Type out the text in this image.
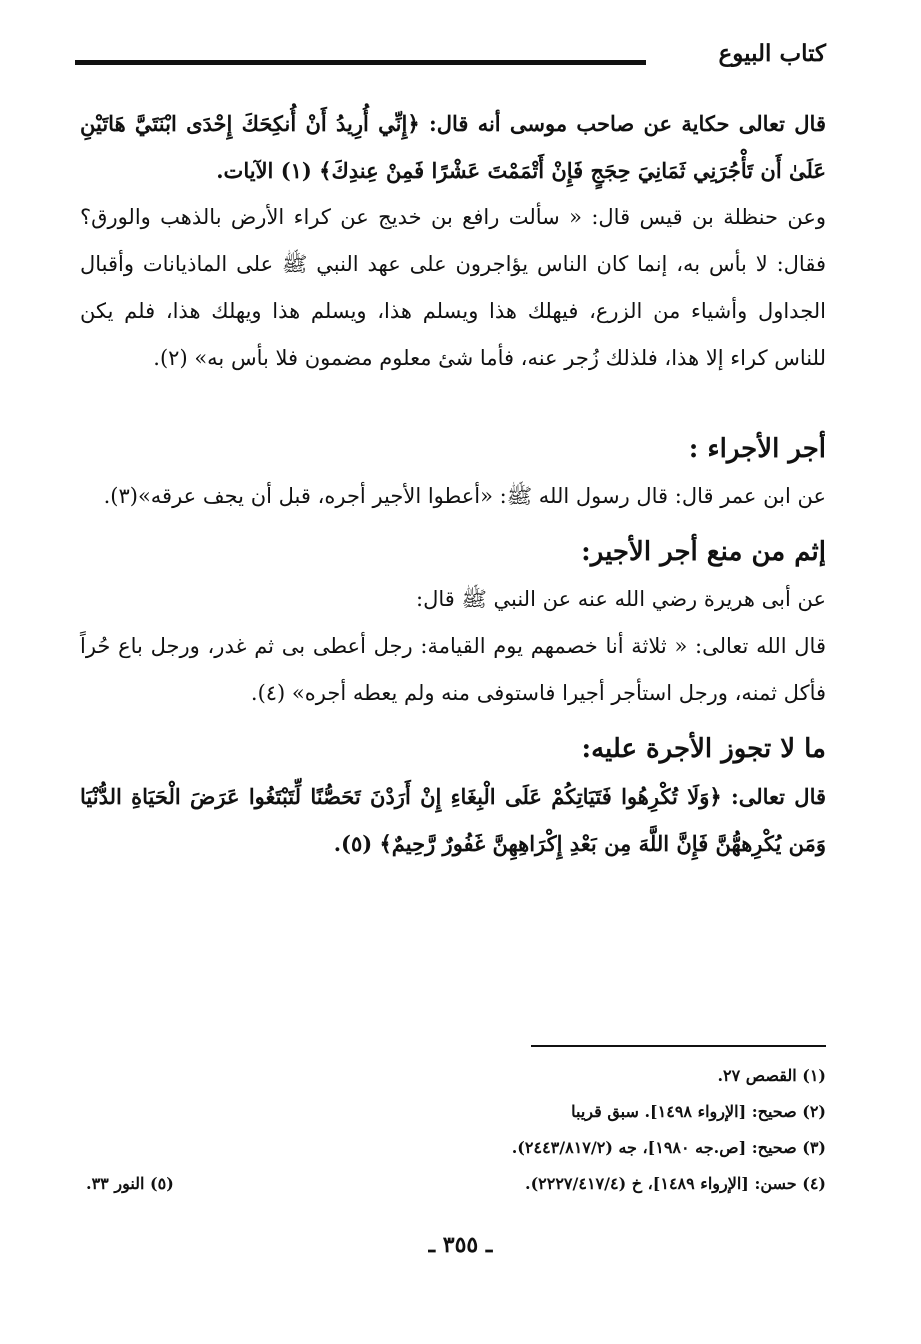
كتاب البيوع

قال تعالى حكاية عن صاحب موسى أنه قال: ﴿إِنِّي أُرِيدُ أَنْ أُنكِحَكَ إِحْدَى ابْنَتَيَّ هَاتَيْنِ عَلَىٰ أَن تَأْجُرَنِي ثَمَانِيَ حِجَجٍ فَإِنْ أَتْمَمْتَ عَشْرًا فَمِنْ عِندِكَ﴾ (١) الآيات.

وعن حنظلة بن قيس قال: « سألت رافع بن خديج عن كراء الأرض بالذهب والورق؟ فقال: لا بأس به، إنما كان الناس يؤاجرون على عهد النبي ﷺ على الماذيانات وأقبال الجداول وأشياء من الزرع، فيهلك هذا ويسلم هذا، ويسلم هذا ويهلك هذا، فلم يكن للناس كراء إلا هذا، فلذلك زُجر عنه، فأما شئ معلوم مضمون فلا بأس به» (٢).

أجر الأجراء :

عن ابن عمر قال: قال رسول الله ﷺ: «أعطوا الأجير أجره، قبل أن يجف عرقه»(٣).

إثم من منع أجر الأجير:

عن أبى هريرة رضي الله عنه عن النبي ﷺ قال:

قال الله تعالى: « ثلاثة أنا خصمهم يوم القيامة: رجل أعطى بى ثم غدر، ورجل باع حُراً فأكل ثمنه، ورجل استأجر أجيرا فاستوفى منه ولم يعطه أجره» (٤).

ما لا تجوز الأجرة عليه:

قال تعالى: ﴿وَلَا تُكْرِهُوا فَتَيَاتِكُمْ عَلَى الْبِغَاءِ إِنْ أَرَدْنَ تَحَصُّنًا لِّتَبْتَغُوا عَرَضَ الْحَيَاةِ الدُّنْيَا وَمَن يُكْرِههُّنَّ فَإِنَّ اللَّهَ مِن بَعْدِ إِكْرَاهِهِنَّ غَفُورٌ رَّحِيمٌ﴾ (٥).

(١) القصص ٢٧.
(٢) صحيح: [الإرواء ١٤٩٨]. سبق قريبا
(٣) صحيح: [ص.جه ١٩٨٠]، جه (٢٤٤٣/٨١٧/٢).
(٤) حسن: [الإرواء ١٤٨٩]، خ (٢٢٢٧/٤١٧/٤).
(٥) النور ٣٣.
ـ ٣٥٥ ـ
